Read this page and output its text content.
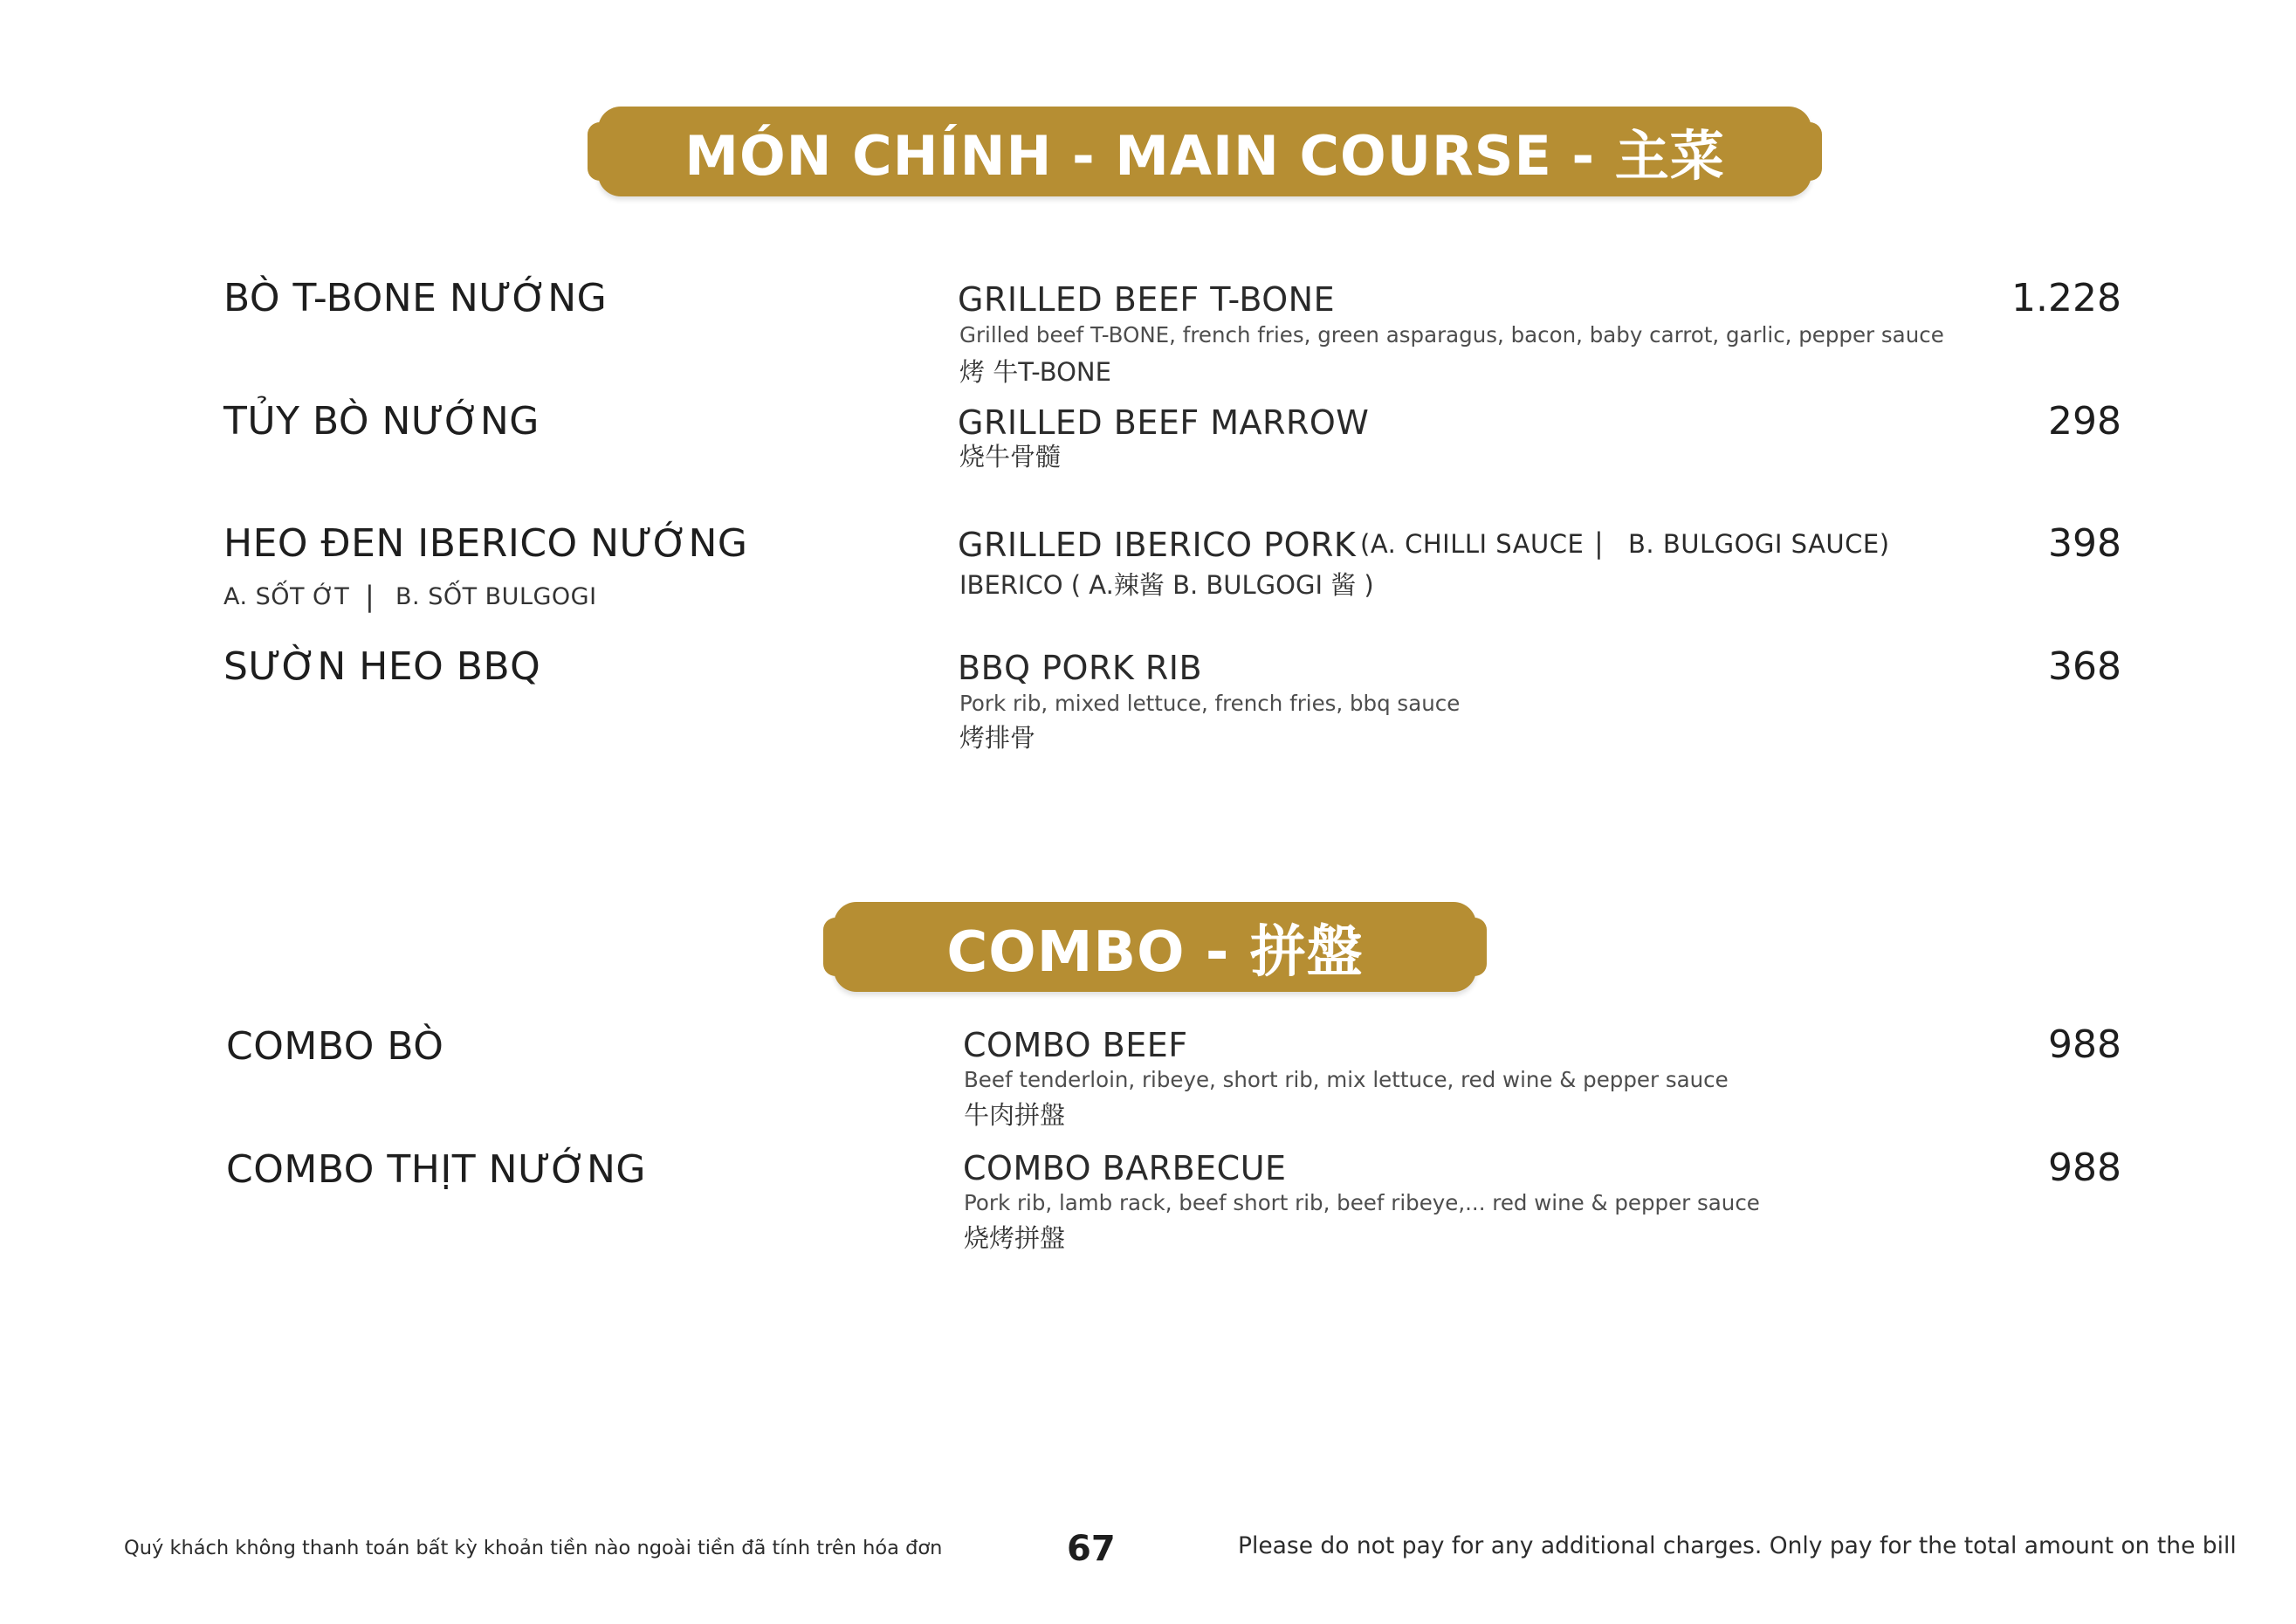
MÓN CHÍNH - MAIN COURSE - 主菜
BÒ T-BONE NƯỚNG	GRILLED BEEF T-BONE
Grilled beef T-BONE, french fries, green asparagus, bacon, baby carrot, garlic, pepper sauce
烤 牛T-BONE
1.228
TỦY BÒ NƯỚNG	GRILLED BEEF MARROW
烧牛骨髓
298
HEO ĐEN IBERICO NƯỚNG
A. SỐT ỚT | B. SỐT BULGOGI
GRILLED IBERICO PORK (A. CHILLI SAUCE | B. BULGOGI SAUCE)
IBERICO ( A.辣酱 B. BULGOGI 酱 )
398
SƯỜN HEO BBQ	BBQ PORK RIB
Pork rib, mixed lettuce, french fries, bbq sauce
烤排骨
368
COMBO - 拼盤
COMBO BÒ	COMBO BEEF
Beef tenderloin, ribeye, short rib, mix lettuce, red wine & pepper sauce
牛肉拼盤
988
COMBO THỊT NƯỚNG	COMBO BARBECUE
Pork rib, lamb rack, beef short rib, beef ribeye,... red wine & pepper sauce
烧烤拼盤
988
Quý khách không thanh toán bất kỳ khoản tiền nào ngoài tiền đã tính trên hóa đơn	67	Please do not pay for any additional charges. Only pay for the total amount on the bill
